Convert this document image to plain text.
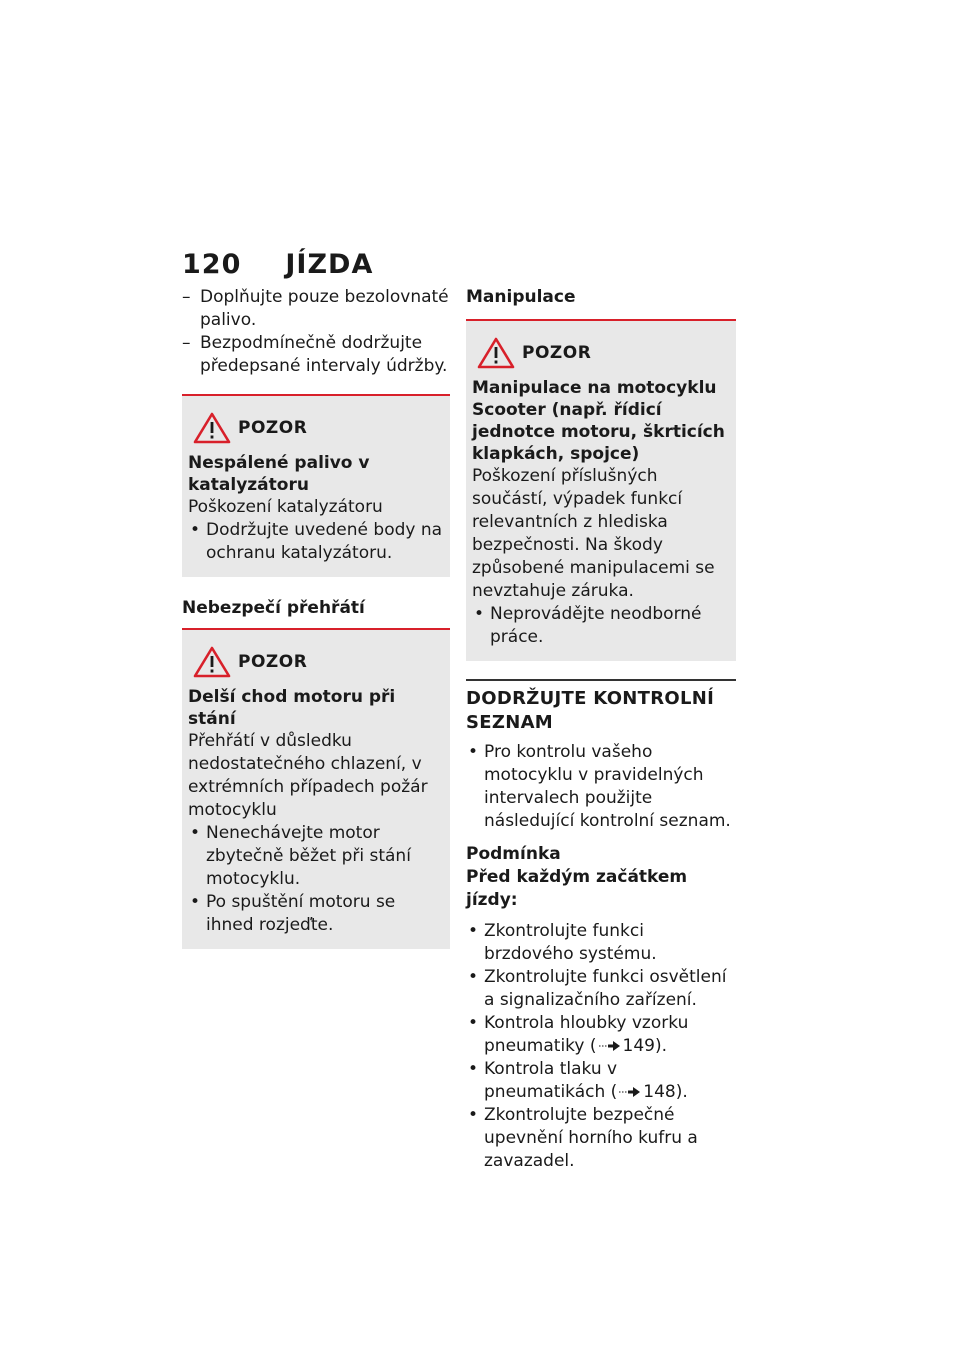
120 JÍZDA
– Doplňujte pouze bezolovnaté palivo.
– Bezpodmínečně dodržujte předepsané intervaly údržby.
POZOR
Nespálené palivo v katalyzátoru
Poškození katalyzátoru
• Dodržujte uvedené body na ochranu katalyzátoru.
Nebezpečí přehřátí
POZOR
Delší chod motoru při stání
Přehřátí v důsledku nedostatečného chlazení, v extrémních případech požár motocyklu
• Nenechávejte motor zbytečně běžet při stání motocyklu.
• Po spuštění motoru se ihned rozjeďte.
Manipulace
POZOR
Manipulace na motocyklu Scooter (např. řídicí jednotce motoru, škrticích klapkách, spojce)
Poškození příslušných součástí, výpadek funkcí relevantních z hlediska bezpečnosti. Na škody způsobené manipulacemi se nevztahuje záruka.
• Neprovádějte neodborné práce.
DODRŽUJTE KONTROLNÍ SEZNAM
• Pro kontrolu vašeho motocyklu v pravidelných intervalech použijte následující kontrolní seznam.
Podmínka
Před každým začátkem jízdy:
• Zkontrolujte funkci brzdového systému.
• Zkontrolujte funkci osvětlení a signalizačního zařízení.
• Kontrola hloubky vzorku pneumatiky ( 149).
• Kontrola tlaku v pneumatikách ( 148).
• Zkontrolujte bezpečné upevnění horního kufru a zavazadel.
